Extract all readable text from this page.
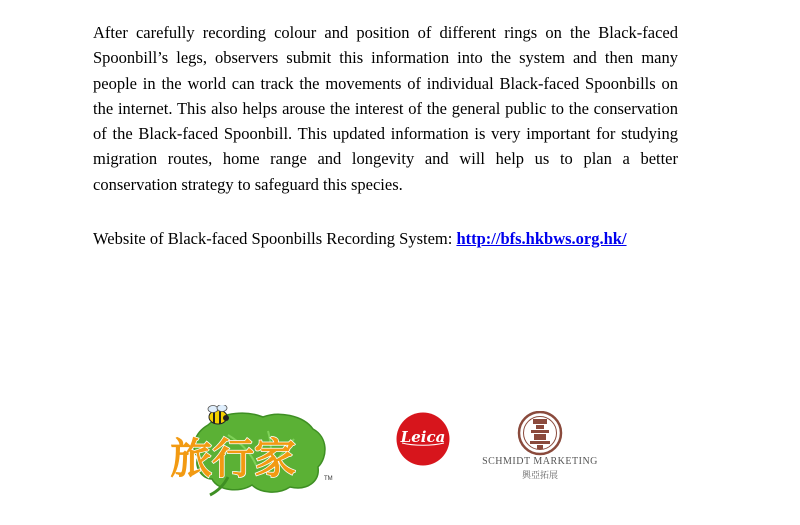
After carefully recording colour and position of different rings on the Black-faced Spoonbill’s legs, observers submit this information into the system and then many people in the world can track the movements of individual Black-faced Spoonbills on the internet. This also helps arouse the interest of the general public to the conservation of the Black-faced Spoonbill. This updated information is very important for studying migration routes, home range and longevity and will help us to plan a better conservation strategy to safeguard this species.

Website of Black-faced Spoonbills Recording System: http://bfs.hkbws.org.hk/

旅行家	TM
Leica
SCHMIDT MARKETING
興亞拓展
